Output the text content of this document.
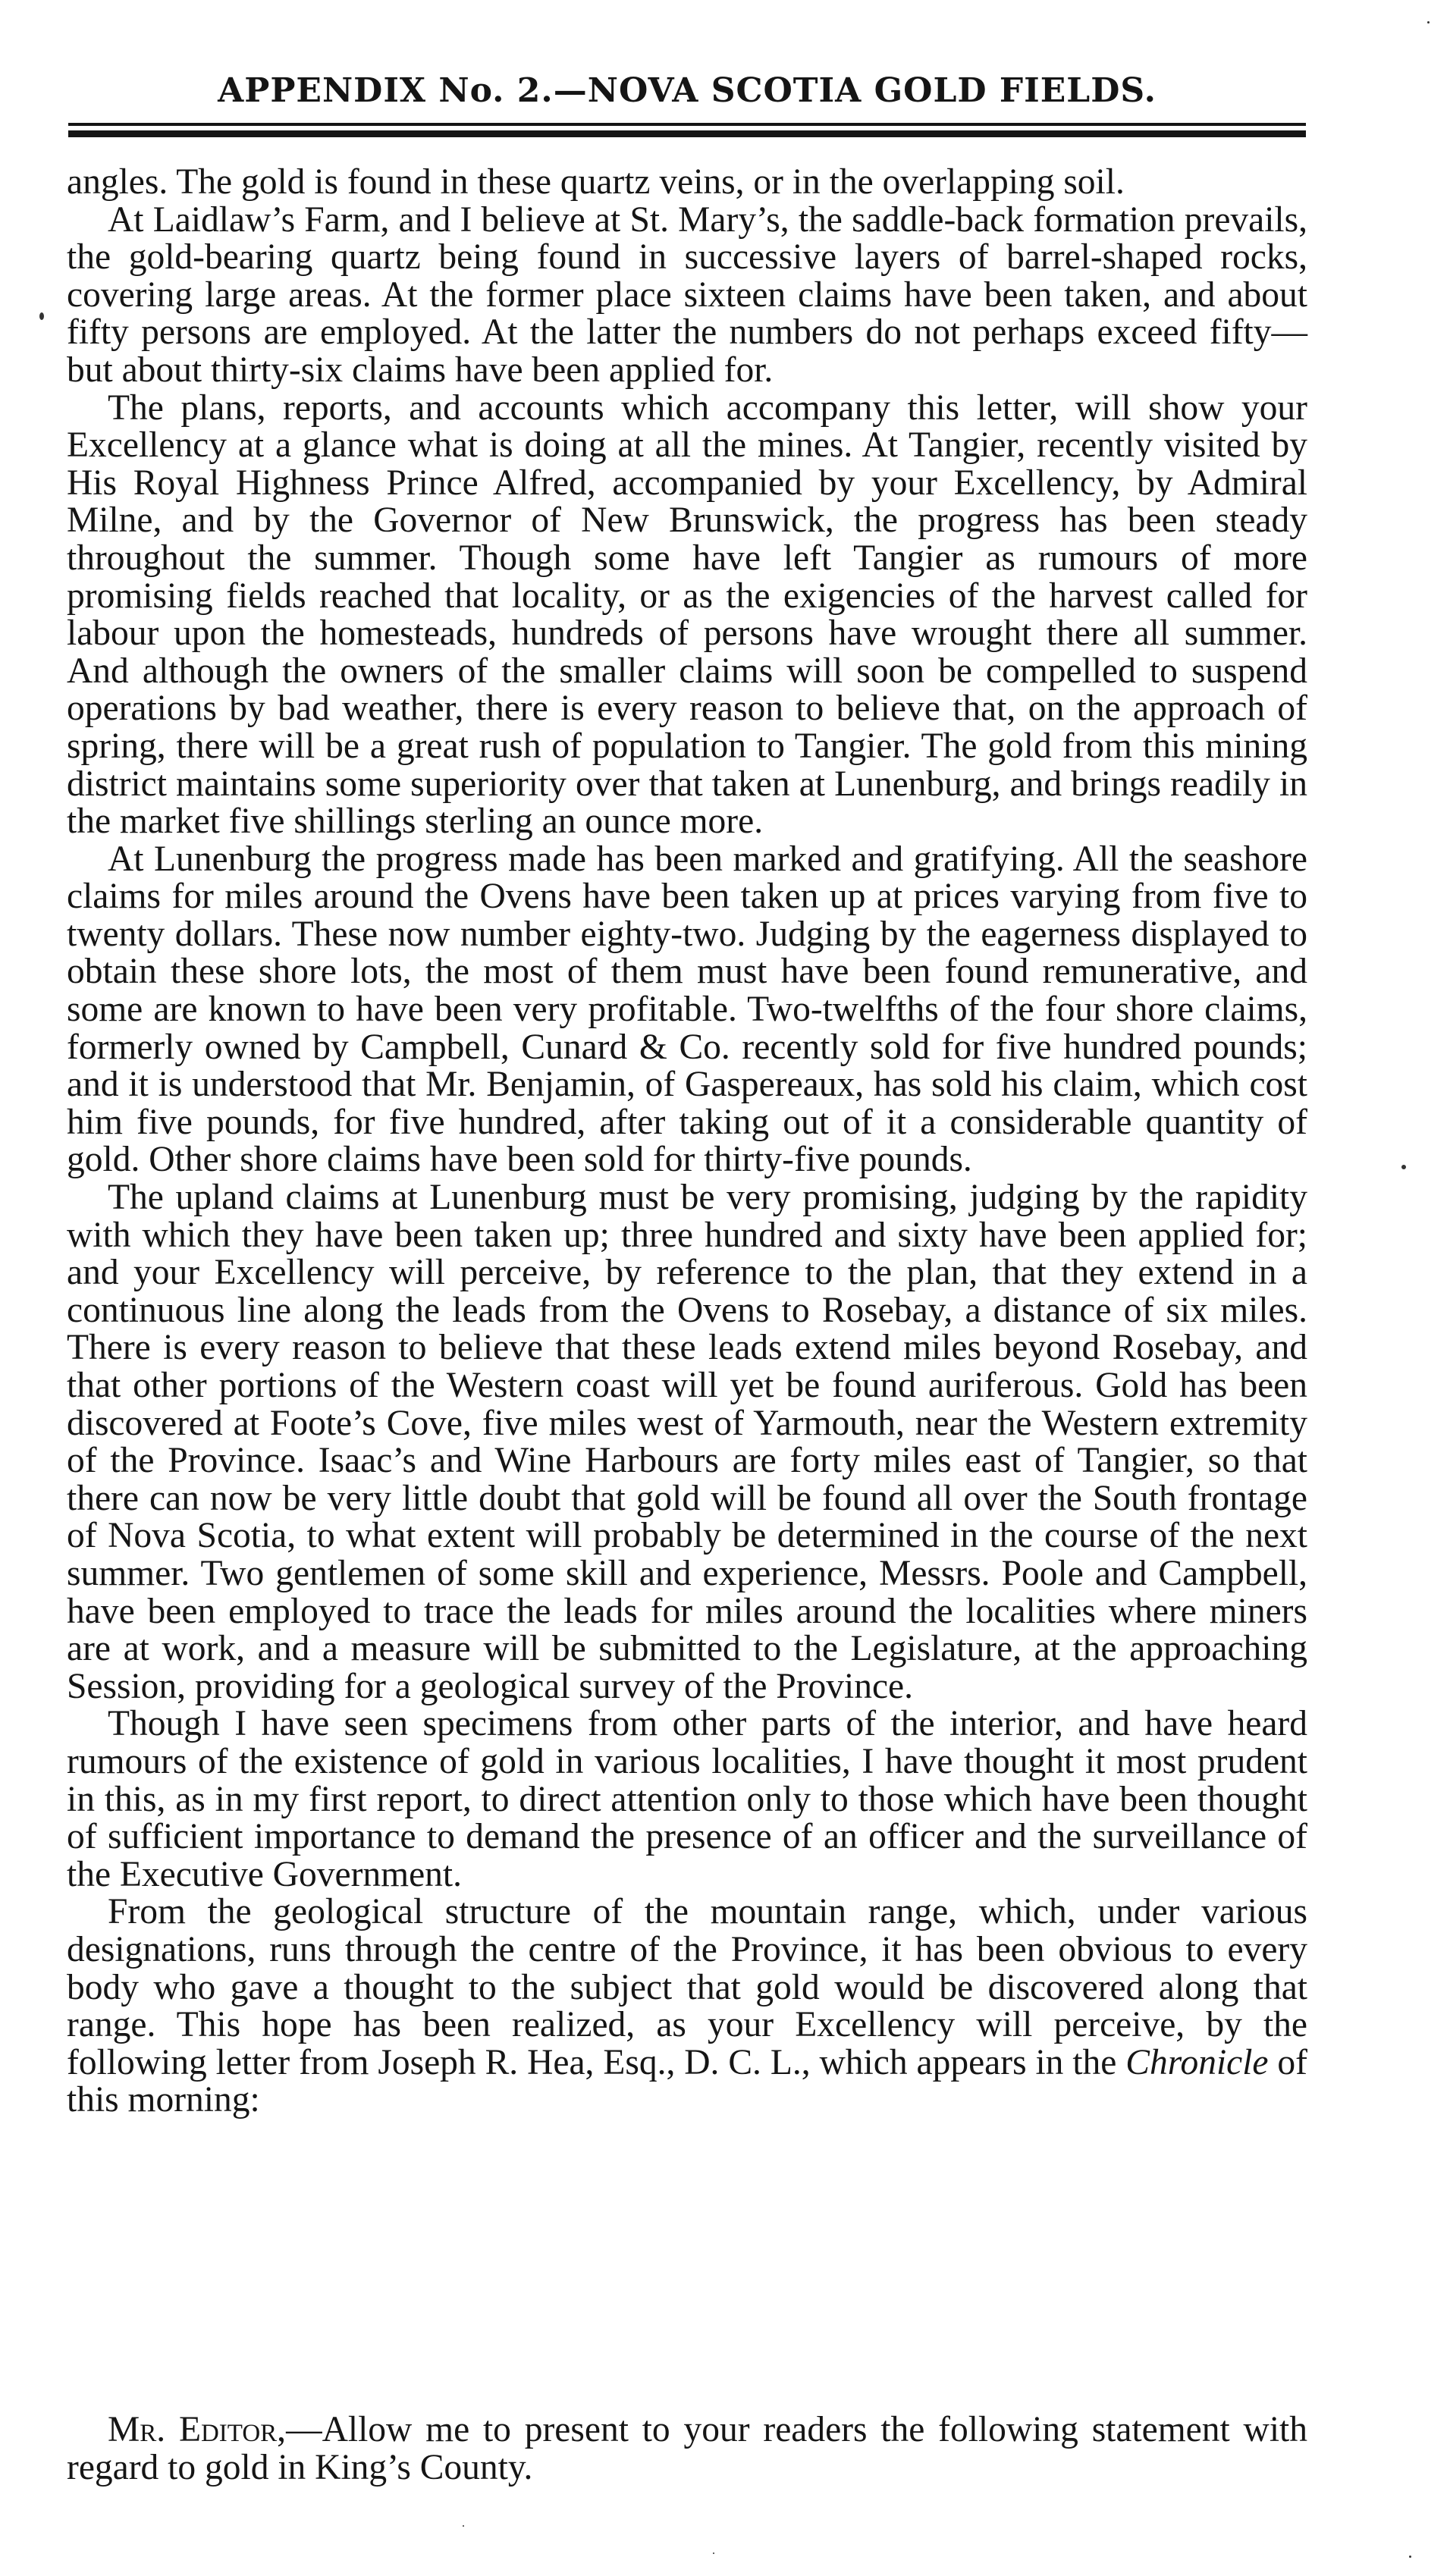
APPENDIX No. 2.—NOVA SCOTIA GOLD FIELDS.

angles. The gold is found in these quartz veins, or in the overlapping soil.

At Laidlaw’s Farm, and I believe at St. Mary’s, the saddle-back formation prevails, the gold-bearing quartz being found in successive layers of barrel-shaped rocks, covering large areas. At the former place sixteen claims have been taken, and about fifty persons are employed. At the latter the numbers do not perhaps exceed fifty—but about thirty-six claims have been applied for.

The plans, reports, and accounts which accompany this letter, will show your Excellency at a glance what is doing at all the mines. At Tangier, recently visited by His Royal Highness Prince Alfred, accompanied by your Excellency, by Admiral Milne, and by the Governor of New Brunswick, the progress has been steady throughout the summer. Though some have left Tangier as rumours of more promising fields reached that locality, or as the exigencies of the harvest called for labour upon the homesteads, hundreds of persons have wrought there all summer. And although the owners of the smaller claims will soon be compelled to suspend operations by bad weather, there is every reason to believe that, on the approach of spring, there will be a great rush of population to Tangier. The gold from this mining district maintains some superiority over that taken at Lunenburg, and brings readily in the market five shillings sterling an ounce more.

At Lunenburg the progress made has been marked and gratifying. All the seashore claims for miles around the Ovens have been taken up at prices varying from five to twenty dollars. These now number eighty-two. Judging by the eagerness displayed to obtain these shore lots, the most of them must have been found remunerative, and some are known to have been very profitable. Two-twelfths of the four shore claims, formerly owned by Campbell, Cunard & Co. recently sold for five hundred pounds; and it is understood that Mr. Benjamin, of Gaspereaux, has sold his claim, which cost him five pounds, for five hundred, after taking out of it a considerable quantity of gold. Other shore claims have been sold for thirty-five pounds.

The upland claims at Lunenburg must be very promising, judging by the rapidity with which they have been taken up; three hundred and sixty have been applied for; and your Excellency will perceive, by reference to the plan, that they extend in a continuous line along the leads from the Ovens to Rosebay, a distance of six miles. There is every reason to believe that these leads extend miles beyond Rosebay, and that other portions of the Western coast will yet be found auriferous. Gold has been discovered at Foote’s Cove, five miles west of Yarmouth, near the Western extremity of the Province. Isaac’s and Wine Harbours are forty miles east of Tangier, so that there can now be very little doubt that gold will be found all over the South frontage of Nova Scotia, to what extent will probably be determined in the course of the next summer. Two gentlemen of some skill and experience, Messrs. Poole and Campbell, have been employed to trace the leads for miles around the localities where miners are at work, and a measure will be submitted to the Legislature, at the approaching Session, providing for a geological survey of the Province.

Though I have seen specimens from other parts of the interior, and have heard rumours of the existence of gold in various localities, I have thought it most prudent in this, as in my first report, to direct attention only to those which have been thought of sufficient importance to demand the presence of an officer and the surveillance of the Executive Government.

From the geological structure of the mountain range, which, under various designations, runs through the centre of the Province, it has been obvious to every body who gave a thought to the subject that gold would be discovered along that range. This hope has been realized, as your Excellency will perceive, by the following letter from Joseph R. Hea, Esq., D. C. L., which appears in the Chronicle of this morning:

Mr. Editor,—Allow me to present to your readers the following statement with regard to gold in King’s County.
